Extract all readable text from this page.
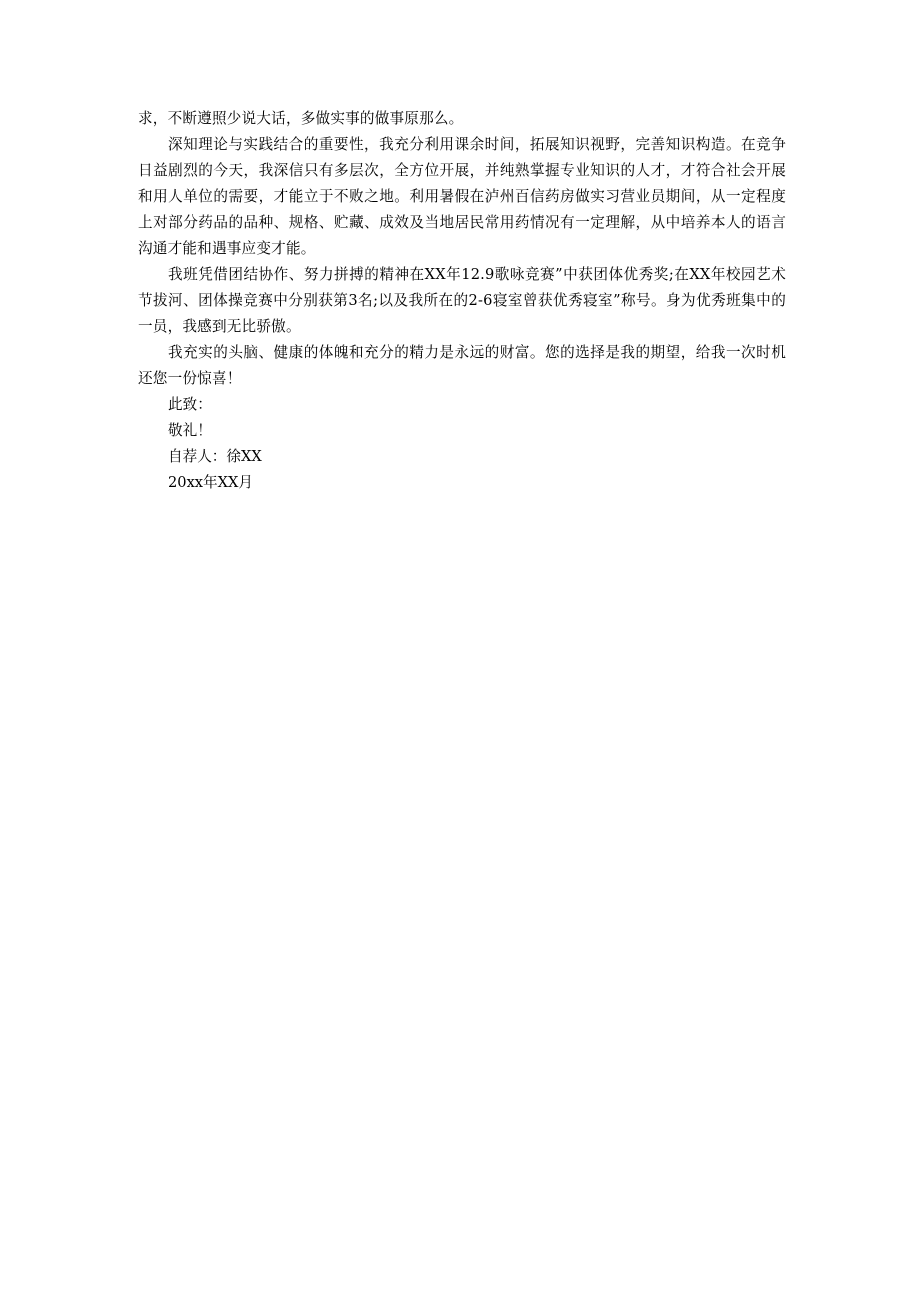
求，不断遵照少说大话，多做实事的做事原那么。

深知理论与实践结合的重要性，我充分利用课余时间，拓展知识视野，完善知识构造。在竞争日益剧烈的今天，我深信只有多层次，全方位开展，并纯熟掌握专业知识的人才，才符合社会开展和用人单位的需要，才能立于不败之地。利用暑假在泸州百信药房做实习营业员期间，从一定程度上对部分药品的品种、规格、贮藏、成效及当地居民常用药情况有一定理解，从中培养本人的语言沟通才能和遇事应变才能。

我班凭借团结协作、努力拼搏的精神在XX年12.9歌咏竞赛”中获团体优秀奖;在XX年校园艺术节拔河、团体操竞赛中分别获第3名;以及我所在的2-6寝室曾获优秀寝室”称号。身为优秀班集中的一员，我感到无比骄傲。

我充实的头脑、健康的体魄和充分的精力是永远的财富。您的选择是我的期望，给我一次时机还您一份惊喜！

此致：

敬礼！

自荐人：徐XX

20xx年XX月
